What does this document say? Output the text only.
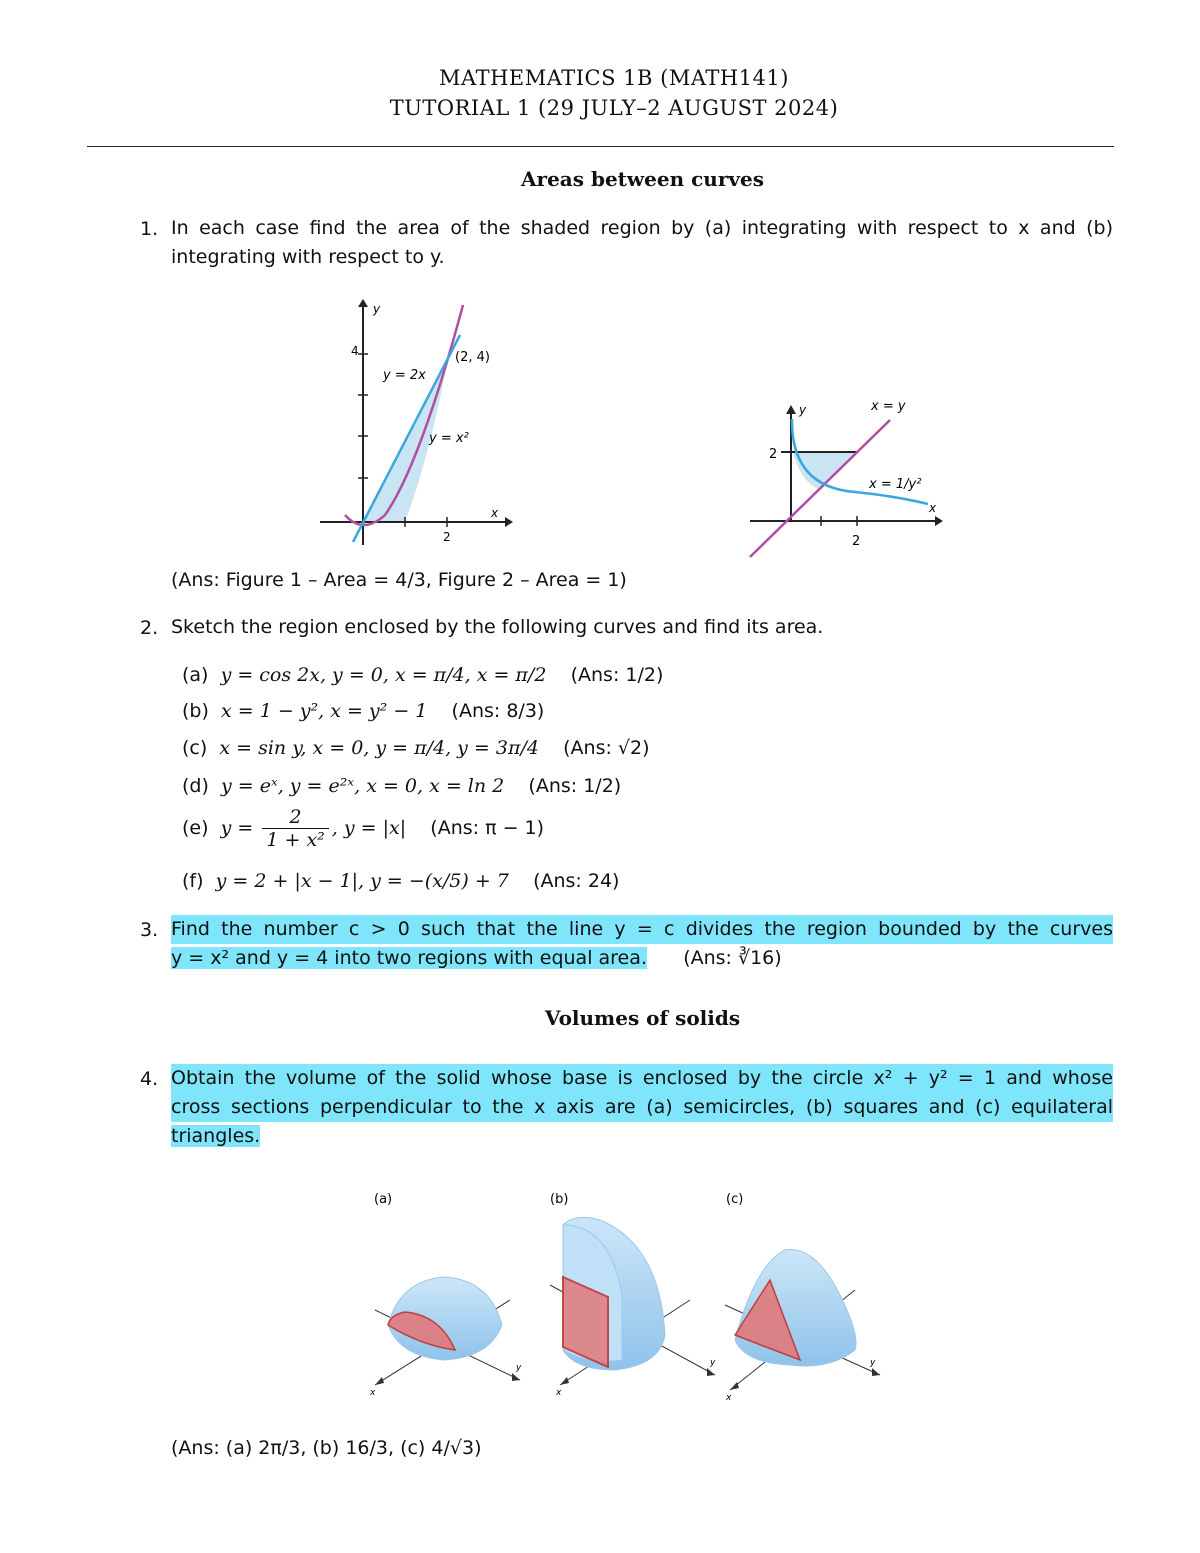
MATHEMATICS 1B (MATH141)
TUTORIAL 1 (29 JULY–2 AUGUST 2024)
Areas between curves
1. In each case find the area of the shaded region by (a) integrating with respect to x and (b)
integrating with respect to y.
4
2
y
x
y = 2x
y = x²
(2, 4)
2
2
y
x
x = y
x = 1/y²
(Ans: Figure 1 – Area = 4/3, Figure 2 – Area = 1)
2. Sketch the region enclosed by the following curves and find its area.
(a) y = cos 2x, y = 0, x = π/4, x = π/2 (Ans: 1/2)
(b) x = 1 − y², x = y² − 1 (Ans: 8/3)
(c) x = sin y, x = 0, y = π/4, y = 3π/4 (Ans: √2)
(d) y = eˣ, y = e²ˣ, x = 0, x = ln 2 (Ans: 1/2)
(e) $y = \frac{2}{\text{1 + x²}}$ , y = |x| (Ans: π − 1)
(f) y = 2 + |x − 1|, y = −(x/5) + 7 (Ans: 24)
3. Find the number c > 0 such that the line y = c divides the region bounded by the curves
y = x² and y = 4 into two regions with equal area. (Ans: ∛16)
Volumes of solids
4. Obtain the volume of the solid whose base is enclosed by the circle x² + y² = 1 and whose
cross sections perpendicular to the x axis are (a) semicircles, (b) squares and (c) equilateral
triangles.
(a)	(b)	(c)
x
y
x
y
x
y
(Ans: (a) 2π/3, (b) 16/3, (c) 4/√3)
